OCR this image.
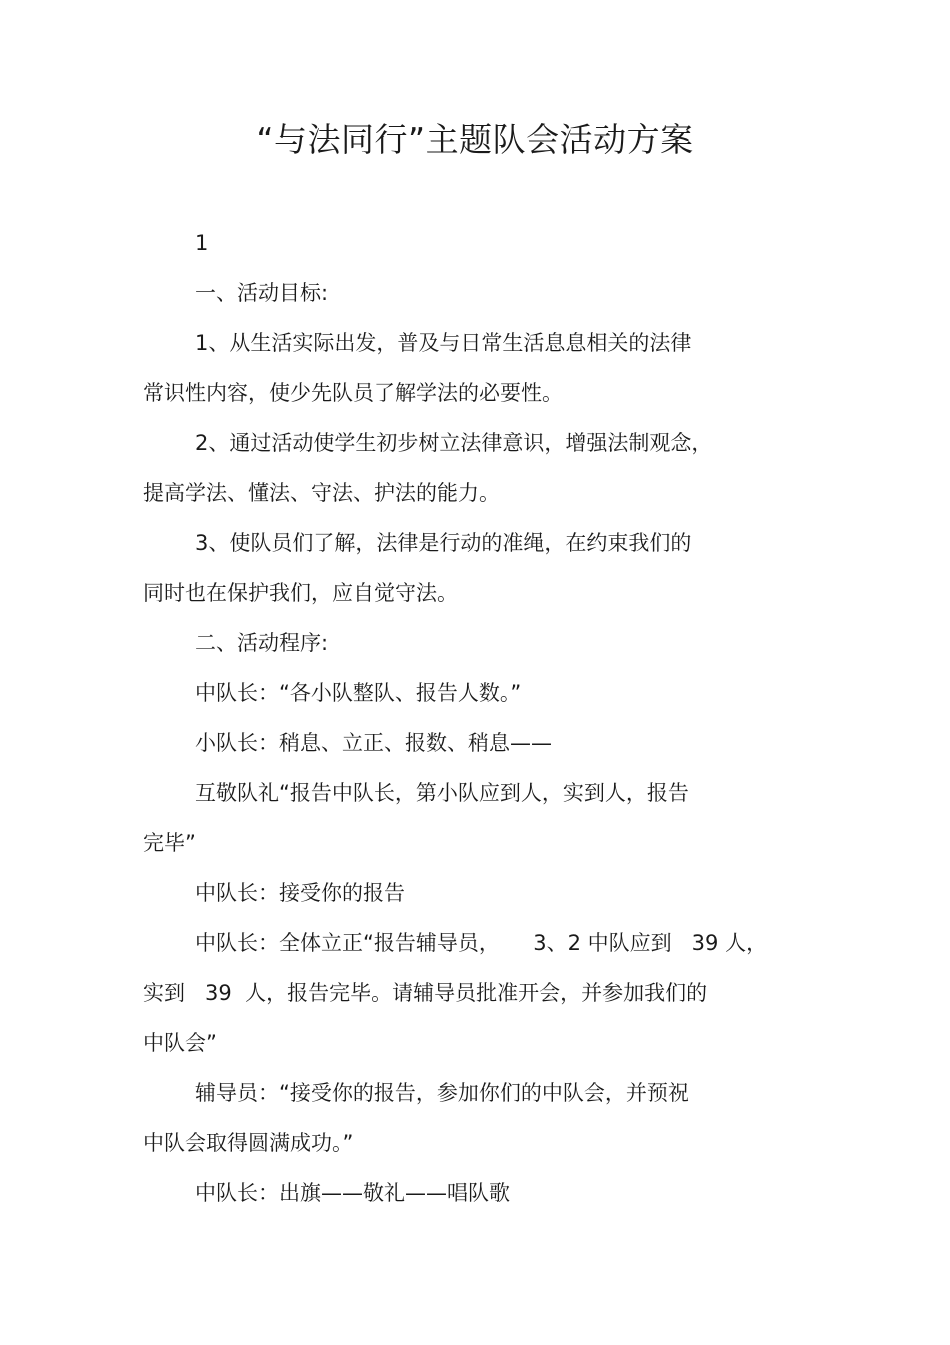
“与法同行”主题队会活动方案
1
一、活动目标:
1、从生活实际出发，普及与日常生活息息相关的法律
常识性内容，使少先队员了解学法的必要性。
2、通过活动使学生初步树立法律意识，增强法制观念，
提高学法、懂法、守法、护法的能力。
3、使队员们了解，法律是行动的准绳，在约束我们的
同时也在保护我们，应自觉守法。
二、活动程序:
中队长：“各小队整队、报告人数。”
小队长：稍息、立正、报数、稍息——
互敬队礼“报告中队长，第小队应到人，实到人，报告
完毕”
中队长：接受你的报告
中队长：全体立正“报告辅导员，     3、2 中队应到   39 人，
实到   39  人，报告完毕。请辅导员批准开会，并参加我们的
中队会”
辅导员：“接受你的报告，参加你们的中队会，并预祝
中队会取得圆满成功。”
中队长：出旗——敬礼——唱队歌
